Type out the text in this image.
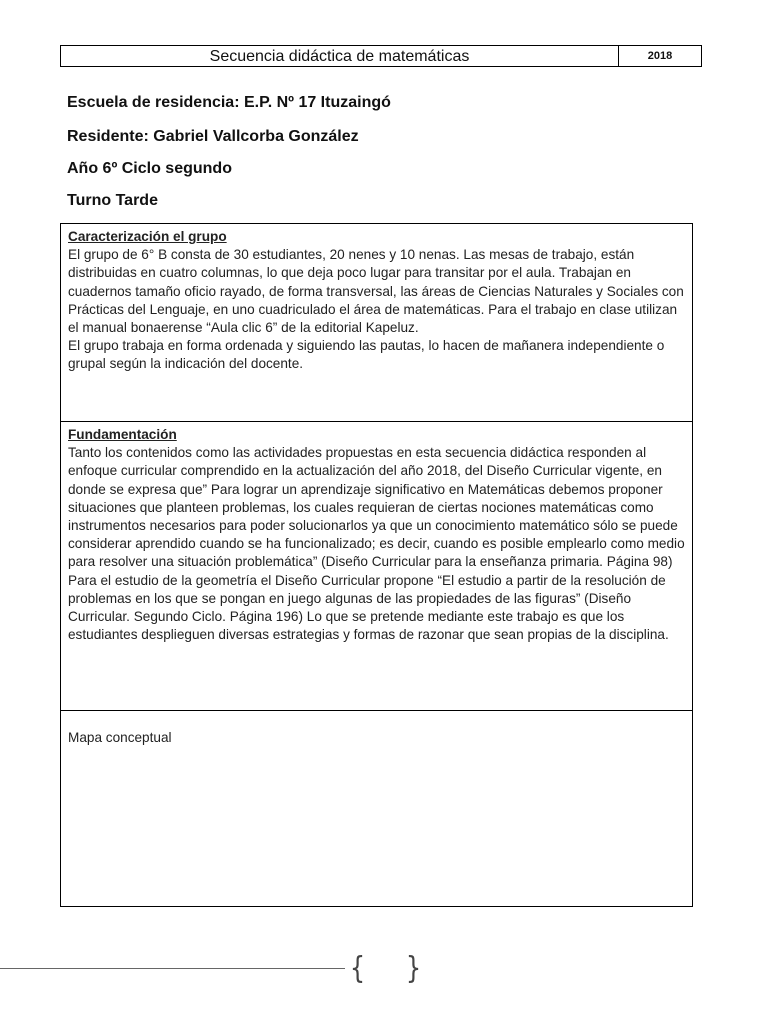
Secuencia didáctica de matemáticas	2018
Escuela de residencia: E.P. Nº 17 Ituzaingó
Residente: Gabriel Vallcorba González
Año 6º Ciclo segundo
Turno Tarde
Caracterización el grupo

El grupo de 6° B consta de 30 estudiantes, 20 nenes y 10 nenas. Las mesas de trabajo, están distribuidas en cuatro columnas, lo que deja poco lugar para transitar por el aula. Trabajan en cuadernos tamaño oficio rayado, de forma transversal, las áreas de Ciencias Naturales y Sociales con Prácticas del Lenguaje, en uno cuadriculado el área de matemáticas. Para el trabajo en clase utilizan el manual bonaerense “Aula clic 6” de la editorial Kapeluz.

El grupo trabaja en forma ordenada y siguiendo las pautas, lo hacen de mañanera independiente o grupal según la indicación del docente.

Fundamentación

Tanto los contenidos como las actividades propuestas en esta secuencia didáctica responden al enfoque curricular comprendido en la actualización del año 2018, del Diseño Curricular vigente, en donde se expresa que” Para lograr un aprendizaje significativo en Matemáticas debemos proponer situaciones que planteen problemas, los cuales requieran de ciertas nociones matemáticas como instrumentos necesarios para poder solucionarlos ya que un conocimiento matemático sólo se puede considerar aprendido cuando se ha funcionalizado; es decir, cuando es posible emplearlo como medio para resolver una situación problemática” (Diseño Curricular para la enseñanza primaria. Página 98)

Para el estudio de la geometría el Diseño Curricular propone “El estudio a partir de la resolución de problemas en los que se pongan en juego algunas de las propiedades de las figuras” (Diseño Curricular. Segundo Ciclo. Página 196) Lo que se pretende mediante este trabajo es que los estudiantes desplieguen diversas estrategias y formas de razonar que sean propias de la disciplina.

Mapa conceptual
{ }
